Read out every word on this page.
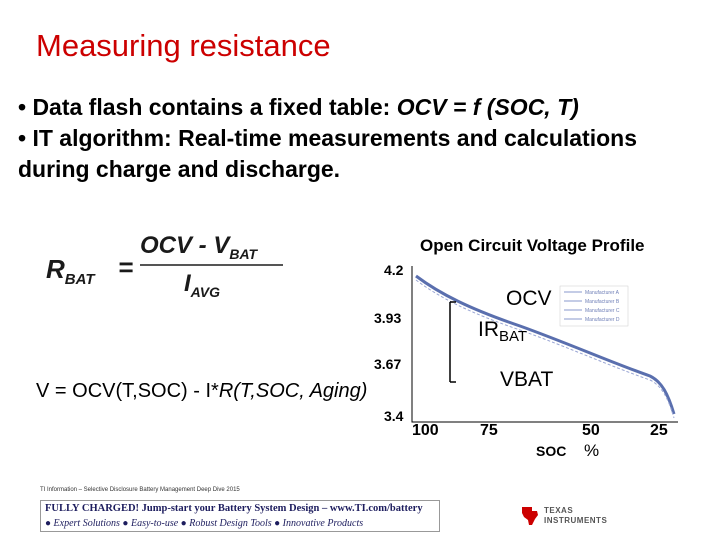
Measuring resistance
• Data flash contains a fixed table: OCV = f (SOC, T)
• IT algorithm: Real-time measurements and calculations during charge and discharge.
$R_{BAT}$ =
OCV - $V_{BAT}$
$I_{AVG}$
Open Circuit Voltage Profile
4.2
3.93
3.67
3.4
Manufacturer A
Manufacturer B
Manufacturer C
Manufacturer D
OCV
$IR_{BAT}$
VBAT
100	75	50	25
SOC %
V = OCV(T,SOC) - I*R(T,SOC, Aging)
TI Information – Selective Disclosure Battery Management Deep Dive 2015
FULLY CHARGED! Jump-start your Battery System Design – www.TI.com/battery
● Expert Solutions ● Easy-to-use ● Robust Design Tools ● Innovative Products
TEXAS
INSTRUMENTS
